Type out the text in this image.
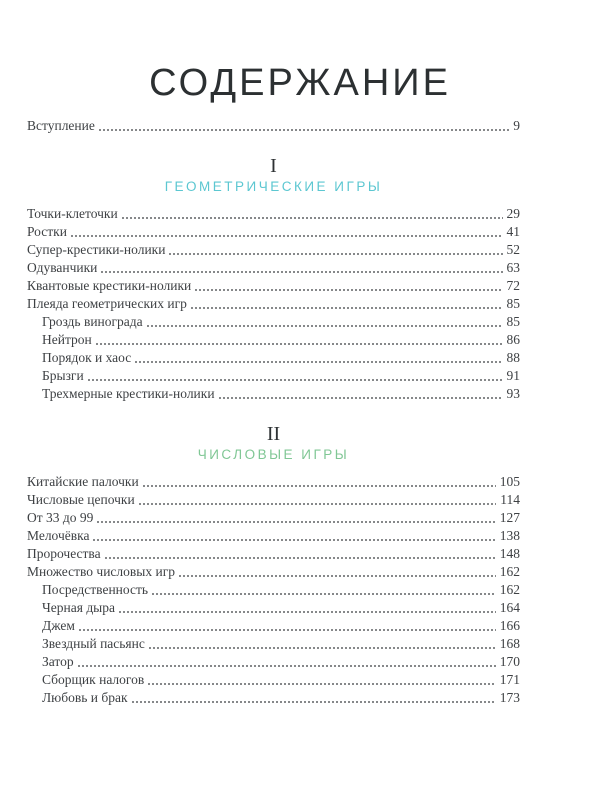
СОДЕРЖАНИЕ
Вступление	9
I
ГЕОМЕТРИЧЕСКИЕ ИГРЫ
Точки-клеточки	29
Ростки	41
Супер-крестики-нолики	52
Одуванчики	63
Квантовые крестики-нолики	72
Плеяда геометрических игр	85
Гроздь винограда	85
Нейтрон	86
Порядок и хаос	88
Брызги	91
Трехмерные крестики-нолики	93
II
ЧИСЛОВЫЕ ИГРЫ
Китайские палочки	105
Числовые цепочки	114
От 33 до 99	127
Мелочёвка	138
Пророчества	148
Множество числовых игр	162
Посредственность	162
Черная дыра	164
Джем	166
Звездный пасьянс	168
Затор	170
Сборщик налогов	171
Любовь и брак	173
